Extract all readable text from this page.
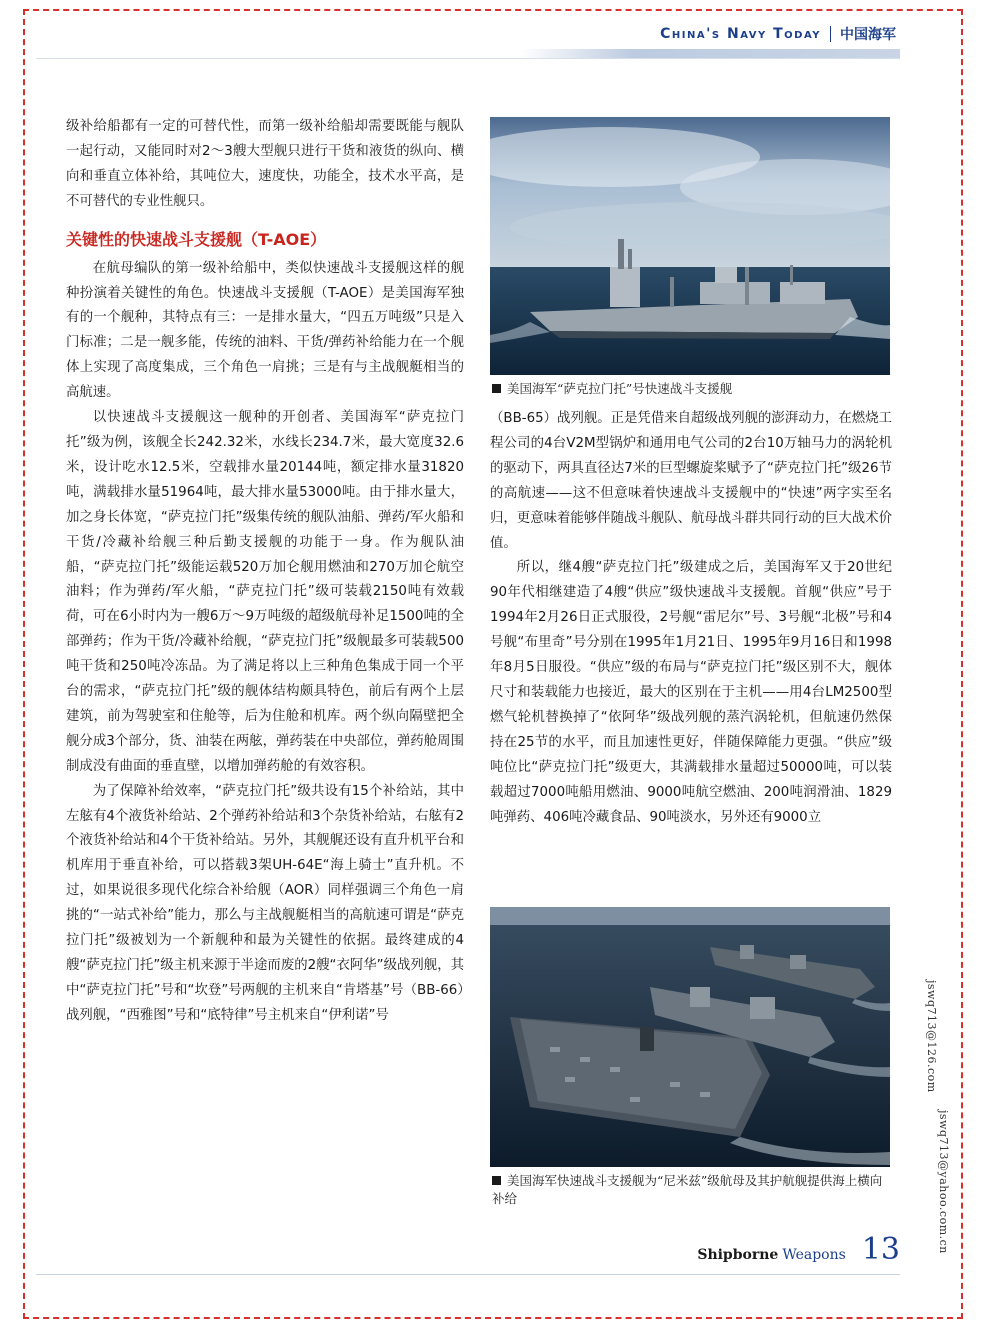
China's Navy Today 中国海军

级补给船都有一定的可替代性，而第一级补给船却需要既能与舰队一起行动，又能同时对2～3艘大型舰只进行干货和液货的纵向、横向和垂直立体补给，其吨位大，速度快，功能全，技术水平高，是不可替代的专业性舰只。

关键性的快速战斗支援舰（T-AOE）

在航母编队的第一级补给船中，类似快速战斗支援舰这样的舰种扮演着关键性的角色。快速战斗支援舰（T-AOE）是美国海军独有的一个舰种，其特点有三：一是排水量大，“四五万吨级”只是入门标准；二是一舰多能，传统的油料、干货/弹药补给能力在一个舰体上实现了高度集成，三个角色一肩挑；三是有与主战舰艇相当的高航速。

以快速战斗支援舰这一舰种的开创者、美国海军“萨克拉门托”级为例，该舰全长242.32米，水线长234.7米，最大宽度32.6米，设计吃水12.5米，空载排水量20144吨，额定排水量31820吨，满载排水量51964吨，最大排水量53000吨。由于排水量大，加之身长体宽，“萨克拉门托”级集传统的舰队油船、弹药/军火船和干货/冷藏补给舰三种后勤支援舰的功能于一身。作为舰队油船，“萨克拉门托”级能运载520万加仑舰用燃油和270万加仑航空油料；作为弹药/军火船，“萨克拉门托”级可装载2150吨有效载荷，可在6小时内为一艘6万～9万吨级的超级航母补足1500吨的全部弹药；作为干货/冷藏补给舰，“萨克拉门托”级舰最多可装载500吨干货和250吨冷冻品。为了满足将以上三种角色集成于同一个平台的需求，“萨克拉门托”级的舰体结构颇具特色，前后有两个上层建筑，前为驾驶室和住舱等，后为住舱和机库。两个纵向隔壁把全舰分成3个部分，货、油装在两舷，弹药装在中央部位，弹药舱周围制成没有曲面的垂直壁，以增加弹药舱的有效容积。

为了保障补给效率，“萨克拉门托”级共设有15个补给站，其中左舷有4个液货补给站、2个弹药补给站和3个杂货补给站，右舷有2个液货补给站和4个干货补给站。另外，其舰艉还设有直升机平台和机库用于垂直补给，可以搭载3架UH-64E“海上骑士”直升机。不过，如果说很多现代化综合补给舰（AOR）同样强调三个角色一肩挑的“一站式补给”能力，那么与主战舰艇相当的高航速可谓是“萨克拉门托”级被划为一个新舰种和最为关键性的依据。最终建成的4艘“萨克拉门托”级主机来源于半途而废的2艘“衣阿华”级战列舰，其中“萨克拉门托”号和“坎登”号两舰的主机来自“肯塔基”号（BB-66）战列舰，“西雅图”号和“底特律”号主机来自“伊利诺”号

美国海军“萨克拉门托”号快速战斗支援舰

（BB-65）战列舰。正是凭借来自超级战列舰的澎湃动力，在燃烧工程公司的4台V2M型锅炉和通用电气公司的2台10万轴马力的涡轮机的驱动下，两具直径达7米的巨型螺旋桨赋予了“萨克拉门托”级26节的高航速——这不但意味着快速战斗支援舰中的“快速”两字实至名归，更意味着能够伴随战斗舰队、航母战斗群共同行动的巨大战术价值。

所以，继4艘“萨克拉门托”级建成之后，美国海军又于20世纪90年代相继建造了4艘“供应”级快速战斗支援舰。首舰“供应”号于1994年2月26日正式服役，2号舰“雷尼尔”号、3号舰“北极”号和4号舰“布里奇”号分别在1995年1月21日、1995年9月16日和1998年8月5日服役。“供应”级的布局与“萨克拉门托”级区别不大，舰体尺寸和装载能力也接近，最大的区别在于主机——用4台LM2500型燃气轮机替换掉了“依阿华”级战列舰的蒸汽涡轮机，但航速仍然保持在25节的水平，而且加速性更好，伴随保障能力更强。“供应”级吨位比“萨克拉门托”级更大，其满载排水量超过50000吨，可以装载超过7000吨船用燃油、9000吨航空燃油、200吨润滑油、1829吨弹药、406吨冷藏食品、90吨淡水，另外还有9000立

美国海军快速战斗支援舰为“尼米兹”级航母及其护航舰提供海上横向补给
jswq713@126.com
jswq713@yahoo.com.cn
Shipborne Weapons 13
